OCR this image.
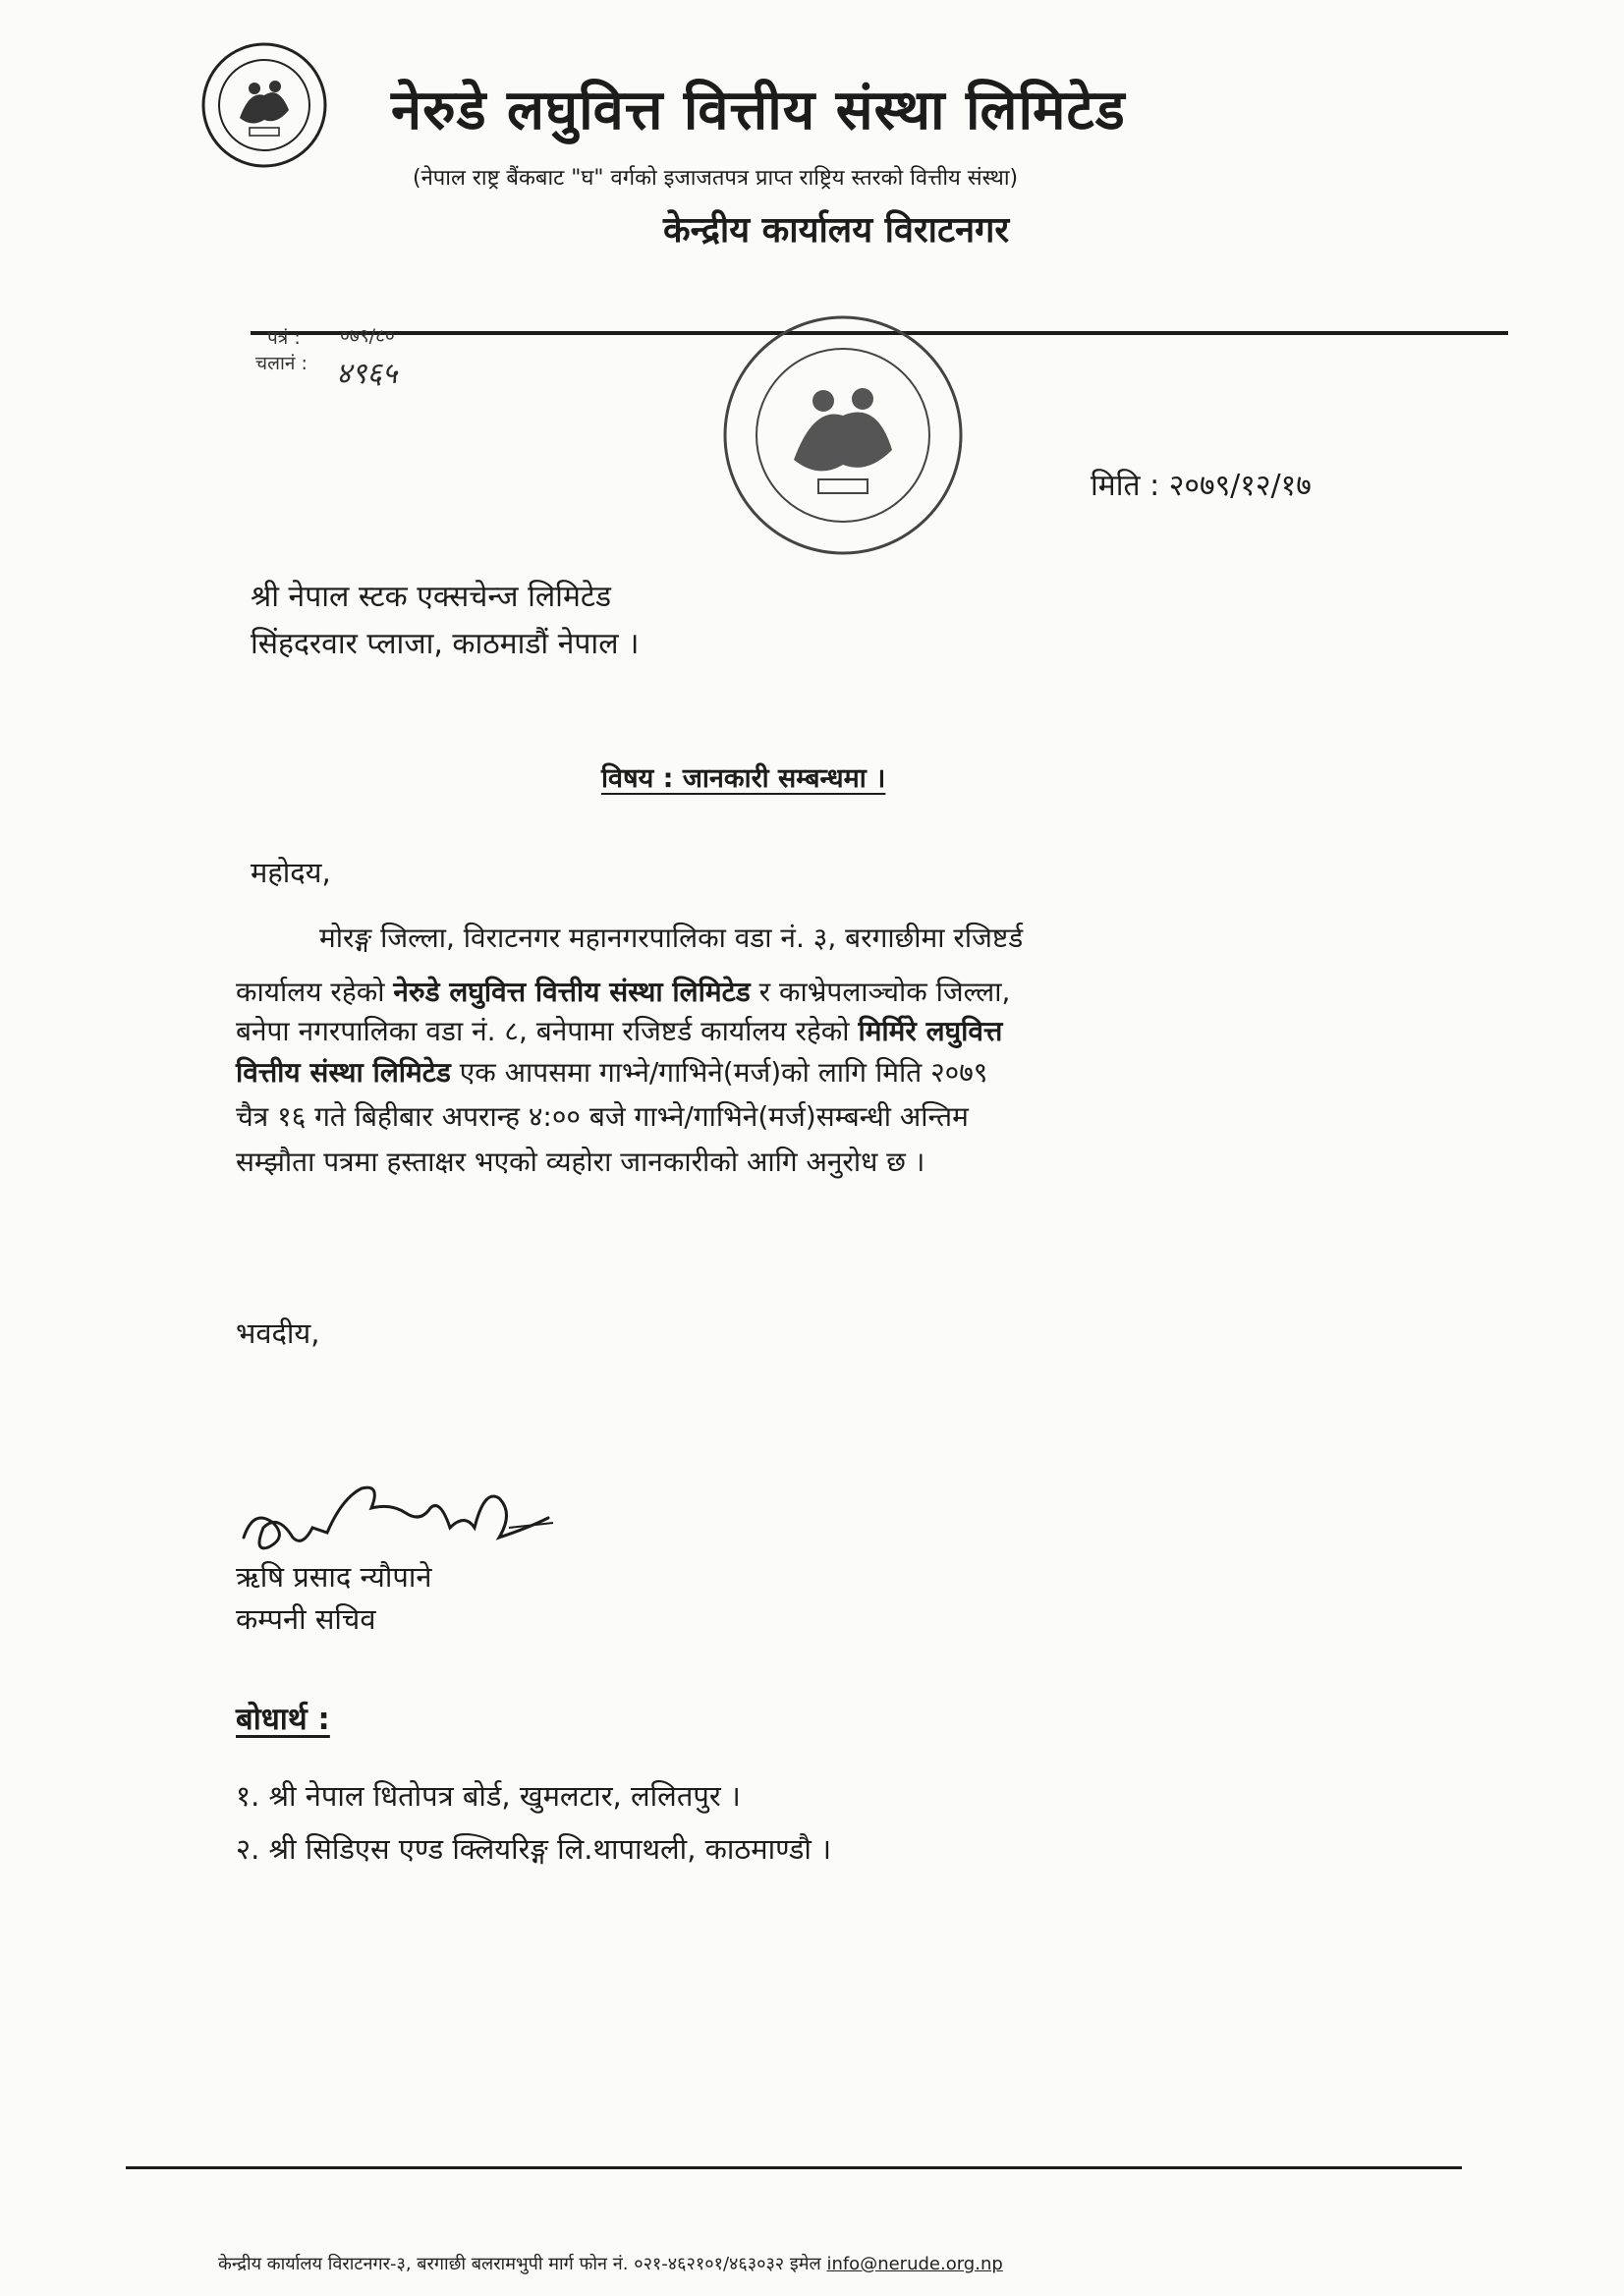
नेरुडे लघुवित्त वित्तीय संस्था लिमिटेड
(नेपाल राष्ट्र बैंकबाट "घ" वर्गको इजाजतपत्र प्राप्त राष्ट्रिय स्तरको वित्तीय संस्था)
केन्द्रीय कार्यालय विराटनगर
पत्रं : ०७९/८०
चलानं : ४९६५
मिति : २०७९/१२/१७
श्री नेपाल स्टक एक्सचेन्ज लिमिटेड
सिंहदरवार प्लाजा, काठमाडौं नेपाल ।
विषय : जानकारी सम्बन्धमा ।
महोदय,
मोरङ्ग जिल्ला, विराटनगर महानगरपालिका वडा नं. ३, बरगाछीमा रजिष्टर्ड
कार्यालय रहेको नेरुडे लघुवित्त वित्तीय संस्था लिमिटेड र काभ्रेपलाञ्चोक जिल्ला,
बनेपा नगरपालिका वडा नं. ८, बनेपामा रजिष्टर्ड कार्यालय रहेको मिर्मिरे लघुवित्त
वित्तीय संस्था लिमिटेड एक आपसमा गाभ्ने/गाभिने(मर्ज)को लागि मिति २०७९
चैत्र १६ गते बिहीबार अपरान्ह ४:०० बजे गाभ्ने/गाभिने(मर्ज)सम्बन्धी अन्तिम
सम्झौता पत्रमा हस्ताक्षर भएको व्यहोरा जानकारीको आगि अनुरोध छ ।
भवदीय,
ऋषि प्रसाद न्यौपाने
कम्पनी सचिव
बोधार्थ :
१. श्री नेपाल धितोपत्र बोर्ड, खुमलटार, ललितपुर ।
२. श्री सिडिएस एण्ड क्लियरिङ्ग लि.थापाथली, काठमाण्डौ ।
केन्द्रीय कार्यालय विराटनगर-३, बरगाछी बलरामभुपी मार्ग फोन नं. ०२१-४६२१०१/४६३०३२ इमेल info@nerude.org.np
